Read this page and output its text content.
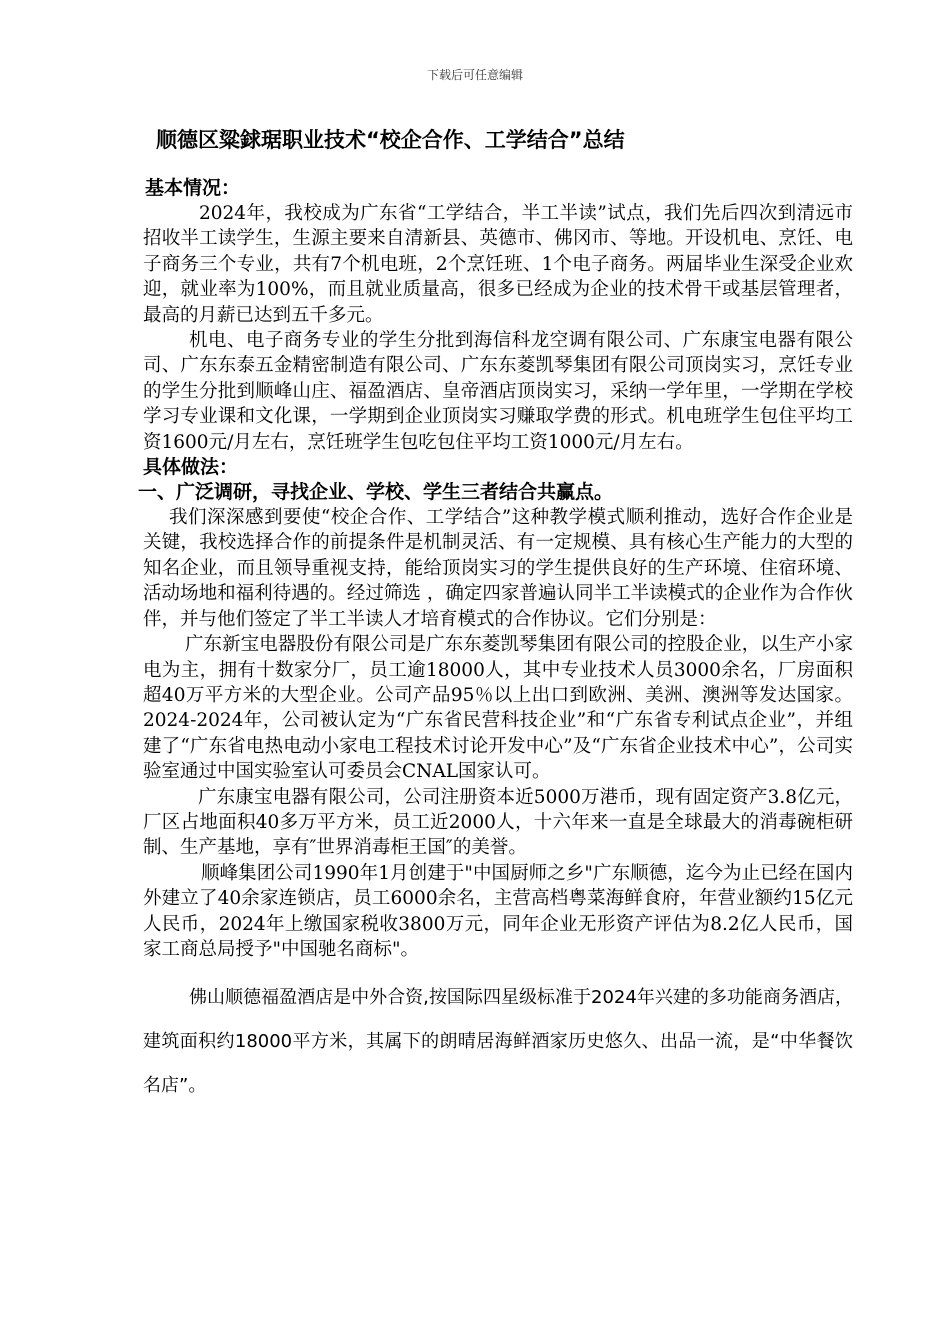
下载后可任意编辑
顺德区粱銶琚职业技术“校企合作、工学结合”总结
基本情况：

2024年，我校成为广东省“工学结合，半工半读”试点，我们先后四次到清远市招收半工读学生，生源主要来自清新县、英德市、佛冈市、等地。开设机电、烹饪、电子商务三个专业，共有7个机电班，2个烹饪班、1个电子商务。两届毕业生深受企业欢迎，就业率为100%，而且就业质量高，很多已经成为企业的技术骨干或基层管理者，最高的月薪已达到五千多元。

机电、电子商务专业的学生分批到海信科龙空调有限公司、广东康宝电器有限公司、广东东泰五金精密制造有限公司、广东东菱凯琴集团有限公司顶岗实习，烹饪专业的学生分批到顺峰山庄、福盈酒店、皇帝酒店顶岗实习，采纳一学年里，一学期在学校学习专业课和文化课，一学期到企业顶岗实习赚取学费的形式。机电班学生包住平均工资1600元/月左右，烹饪班学生包吃包住平均工资1000元/月左右。

具体做法：
一、广泛调研，寻找企业、学校、学生三者结合共赢点。

我们深深感到要使“校企合作、工学结合”这种教学模式顺利推动，选好合作企业是关键，我校选择合作的前提条件是机制灵活、有一定规模、具有核心生产能力的大型的知名企业，而且领导重视支持，能给顶岗实习的学生提供良好的生产环境、住宿环境、活动场地和福利待遇的。经过筛选 ，确定四家普遍认同半工半读模式的企业作为合作伙伴，并与他们签定了半工半读人才培育模式的合作协议。它们分别是：

广东新宝电器股份有限公司是广东东菱凯琴集团有限公司的控股企业，以生产小家电为主，拥有十数家分厂，员工逾18000人，其中专业技术人员3000余名，厂房面积超40万平方米的大型企业。公司产品95％以上出口到欧洲、美洲、澳洲等发达国家。2024-2024年，公司被认定为“广东省民营科技企业”和“广东省专利试点企业”，并组建了“广东省电热电动小家电工程技术讨论开发中心”及“广东省企业技术中心”，公司实验室通过中国实验室认可委员会CNAL国家认可。

广东康宝电器有限公司，公司注册资本近5000万港币，现有固定资产3.8亿元，厂区占地面积40多万平方米，员工近2000人，十六年来一直是全球最大的消毒碗柜研制、生产基地，享有″世界消毒柜王国″的美誉。

顺峰集团公司1990年1月创建于"中国厨师之乡"广东顺德，迄今为止已经在国内外建立了40余家连锁店，员工6000余名，主营高档粤菜海鲜食府，年营业额约15亿元人民币，2024年上缴国家税收3800万元，同年企业无形资产评估为8.2亿人民币，国家工商总局授予"中国驰名商标"。

佛山顺德福盈酒店是中外合资,按国际四星级标准于2024年兴建的多功能商务酒店，建筑面积约18000平方米，其属下的朗晴居海鲜酒家历史悠久、出品一流，是“中华餐饮名店”。
